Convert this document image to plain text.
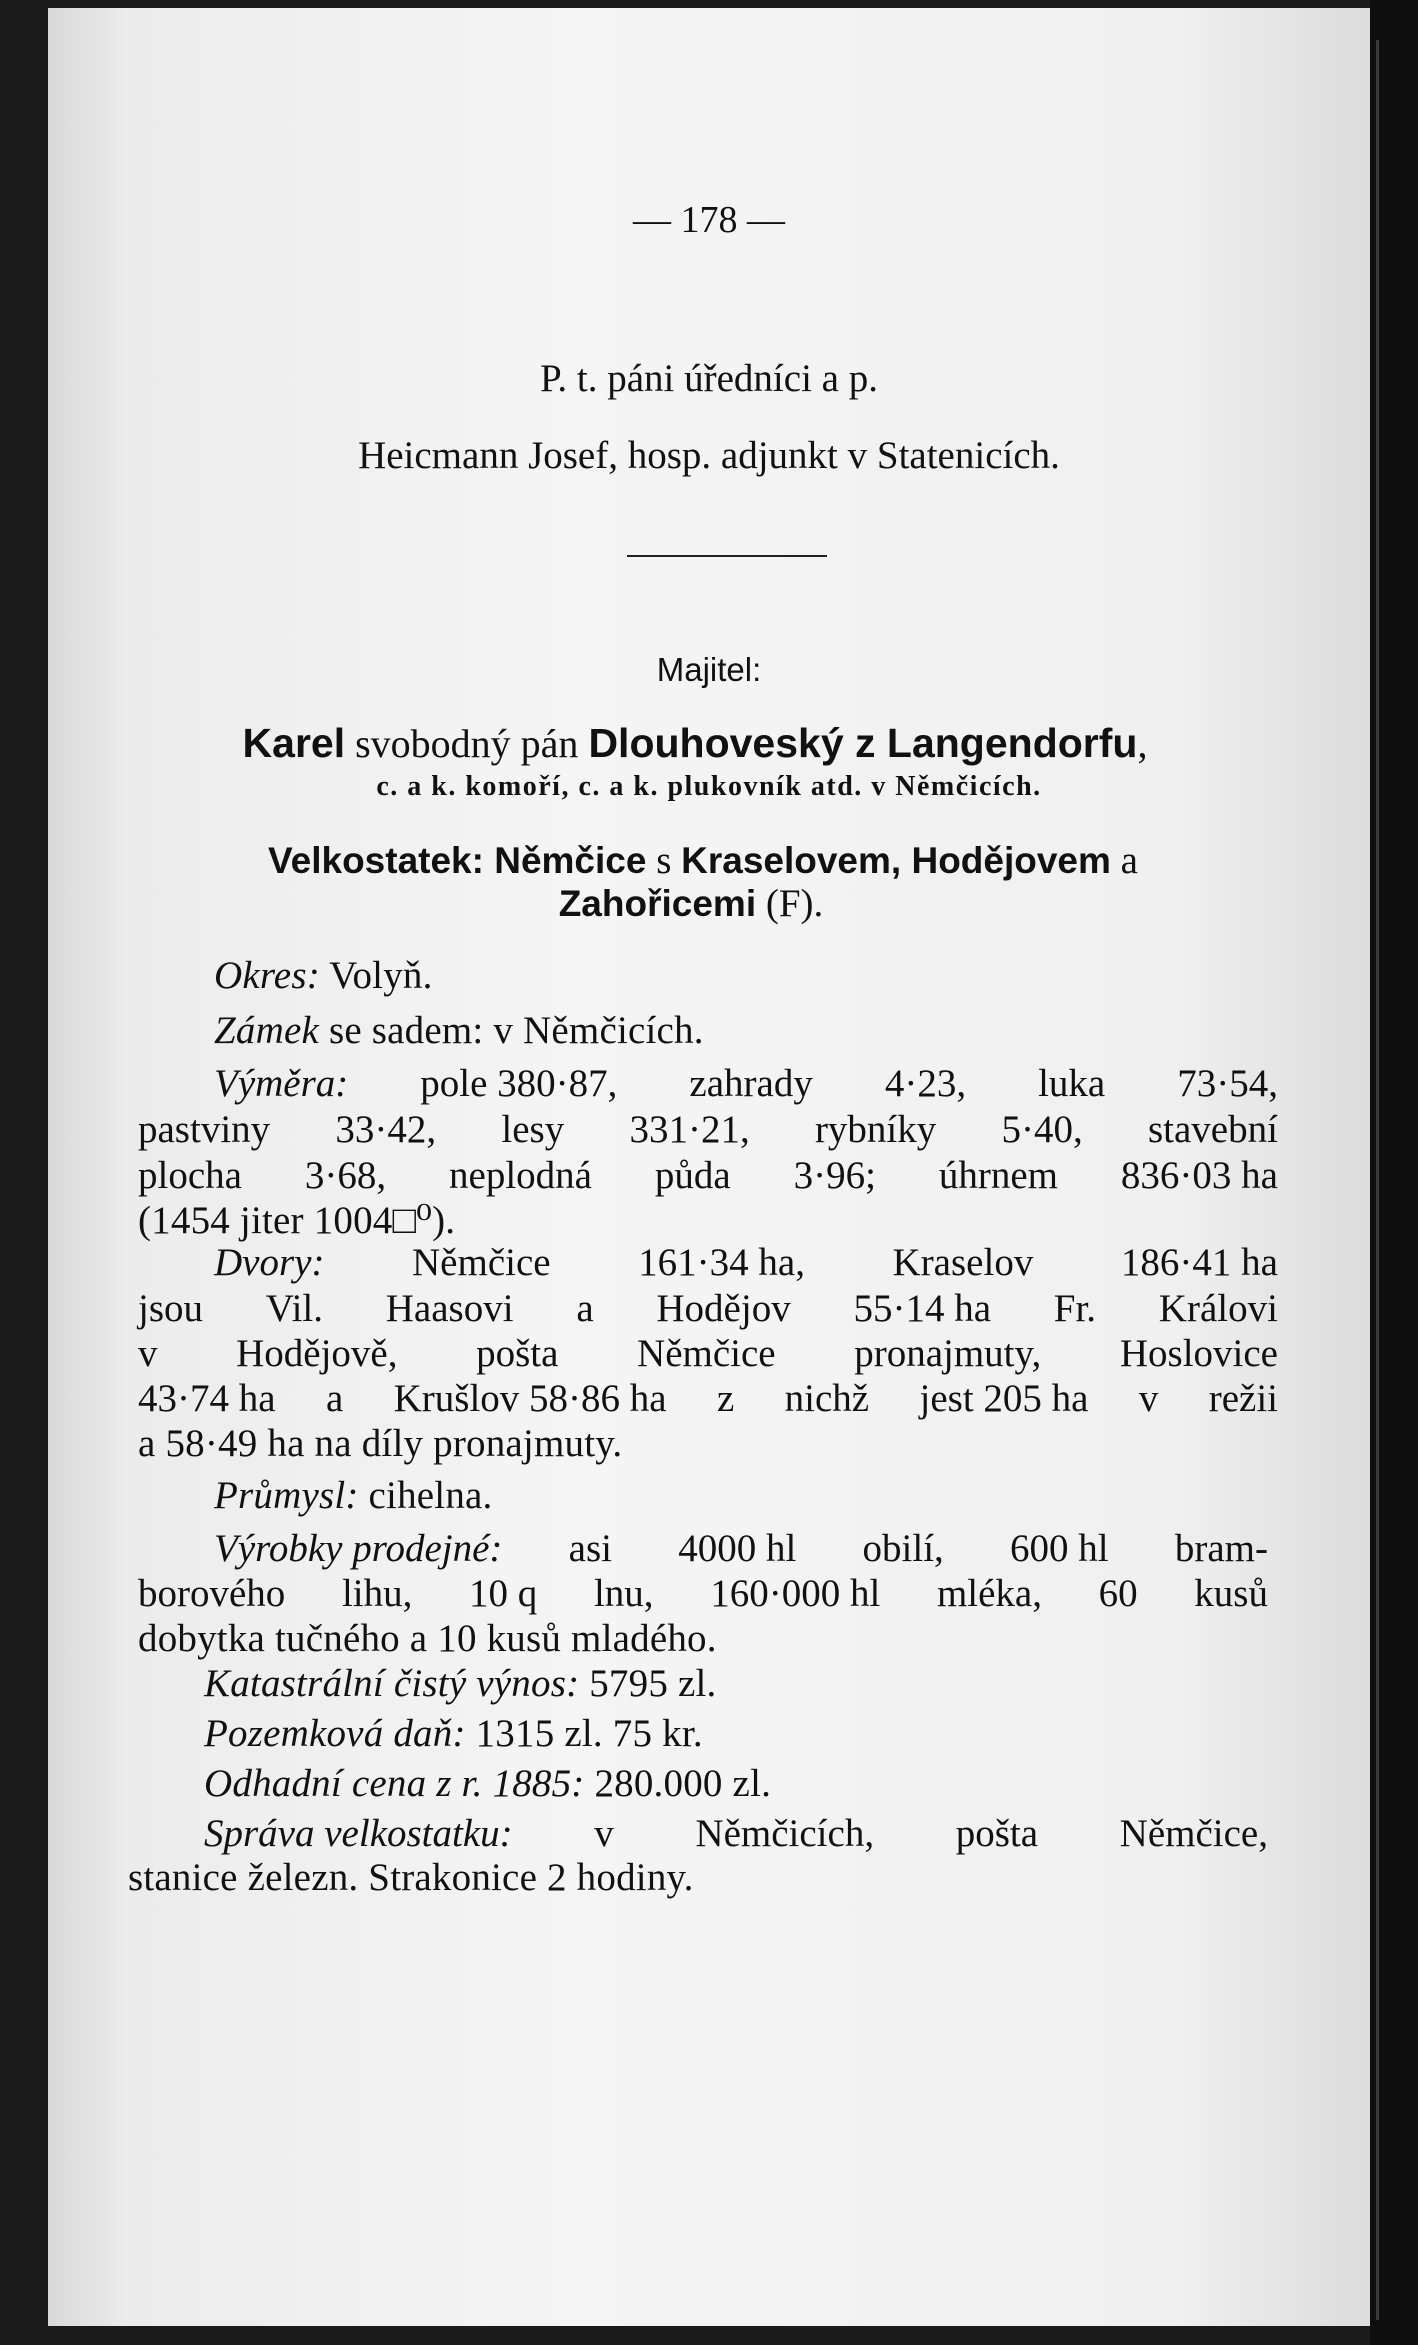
— 178 —
P. t. páni úředníci a p.
Heicmann Josef, hosp. adjunkt v Statenicích.
Majitel:
Karel svobodný pán Dlouhoveský z Langendorfu,
c. a k. komoří, c. a k. plukovník atd. v Němčicích.
Velkostatek: Němčice s Kraselovem, Hodějovem a
Zahořicemi (F).
Okres: Volyň.
Zámek se sadem: v Němčicích.
Výměra: pole 380·87, zahrady 4·23, luka 73·54,
pastviny 33·42, lesy 331·21, rybníky 5·40, stavební
plocha 3·68, neplodná půda 3·96; úhrnem 836·03 ha
(1454 jiter 1004□⁰).
Dvory: Němčice 161·34 ha, Kraselov 186·41 ha
jsou Vil. Haasovi a Hodějov 55·14 ha Fr. Královi
v Hodějově, pošta Němčice pronajmuty, Hoslovice
43·74 ha a Krušlov 58·86 ha z nichž jest 205 ha v režii
a 58·49 ha na díly pronajmuty.
Průmysl: cihelna.
Výrobky prodejné: asi 4000 hl obilí, 600 hl bram-
borového lihu, 10 q lnu, 160·000 hl mléka, 60 kusů
dobytka tučného a 10 kusů mladého.
Katastrální čistý výnos: 5795 zl.
Pozemková daň: 1315 zl. 75 kr.
Odhadní cena z r. 1885: 280.000 zl.
Správa velkostatku: v Němčicích, pošta Němčice,
stanice železn. Strakonice 2 hodiny.
